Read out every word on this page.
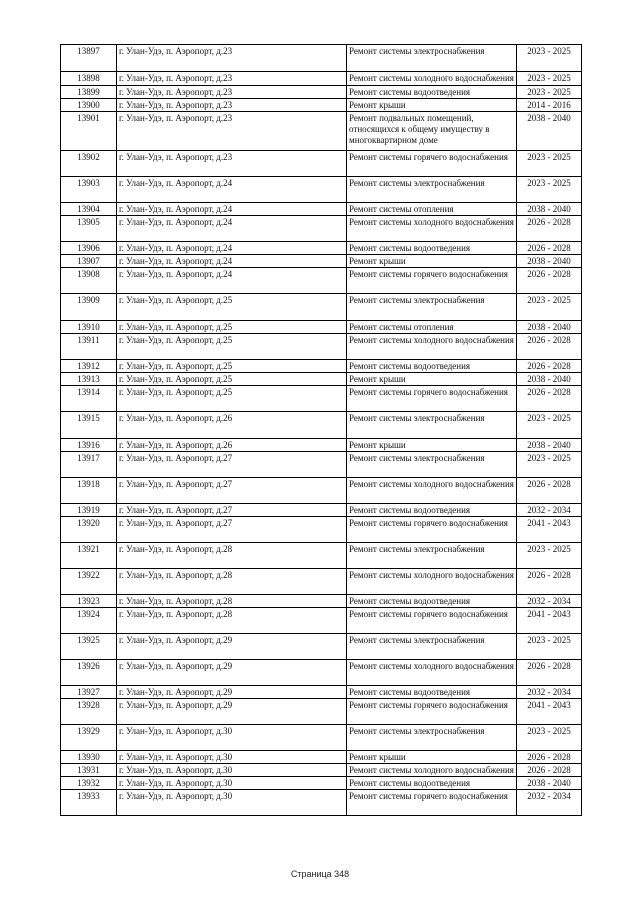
13897	г. Улан-Удэ, п. Аэропорт, д.23	Ремонт системы электроснабжения	2023 - 2025
13898	г. Улан-Удэ, п. Аэропорт, д.23	Ремонт системы холодного водоснабжения	2023 - 2025
13899	г. Улан-Удэ, п. Аэропорт, д.23	Ремонт системы водоотведения	2023 - 2025
13900	г. Улан-Удэ, п. Аэропорт, д.23	Ремонт крыши	2014 - 2016
13901	г. Улан-Удэ, п. Аэропорт, д.23	Ремонт подвальных помещений, относящихся к общему имуществу в многоквартирном доме	2038 - 2040
13902	г. Улан-Удэ, п. Аэропорт, д.23	Ремонт системы горячего водоснабжения	2023 - 2025
13903	г. Улан-Удэ, п. Аэропорт, д.24	Ремонт системы электроснабжения	2023 - 2025
13904	г. Улан-Удэ, п. Аэропорт, д.24	Ремонт системы отопления	2038 - 2040
13905	г. Улан-Удэ, п. Аэропорт, д.24	Ремонт системы холодного водоснабжения	2026 - 2028
13906	г. Улан-Удэ, п. Аэропорт, д.24	Ремонт системы водоотведения	2026 - 2028
13907	г. Улан-Удэ, п. Аэропорт, д.24	Ремонт крыши	2038 - 2040
13908	г. Улан-Удэ, п. Аэропорт, д.24	Ремонт системы горячего водоснабжения	2026 - 2028
13909	г. Улан-Удэ, п. Аэропорт, д.25	Ремонт системы электроснабжения	2023 - 2025
13910	г. Улан-Удэ, п. Аэропорт, д.25	Ремонт системы отопления	2038 - 2040
13911	г. Улан-Удэ, п. Аэропорт, д.25	Ремонт системы холодного водоснабжения	2026 - 2028
13912	г. Улан-Удэ, п. Аэропорт, д.25	Ремонт системы водоотведения	2026 - 2028
13913	г. Улан-Удэ, п. Аэропорт, д.25	Ремонт крыши	2038 - 2040
13914	г. Улан-Удэ, п. Аэропорт, д.25	Ремонт системы горячего водоснабжения	2026 - 2028
13915	г. Улан-Удэ, п. Аэропорт, д.26	Ремонт системы электроснабжения	2023 - 2025
13916	г. Улан-Удэ, п. Аэропорт, д.26	Ремонт крыши	2038 - 2040
13917	г. Улан-Удэ, п. Аэропорт, д.27	Ремонт системы электроснабжения	2023 - 2025
13918	г. Улан-Удэ, п. Аэропорт, д.27	Ремонт системы холодного водоснабжения	2026 - 2028
13919	г. Улан-Удэ, п. Аэропорт, д.27	Ремонт системы водоотведения	2032 - 2034
13920	г. Улан-Удэ, п. Аэропорт, д.27	Ремонт системы горячего водоснабжения	2041 - 2043
13921	г. Улан-Удэ, п. Аэропорт, д.28	Ремонт системы электроснабжения	2023 - 2025
13922	г. Улан-Удэ, п. Аэропорт, д.28	Ремонт системы холодного водоснабжения	2026 - 2028
13923	г. Улан-Удэ, п. Аэропорт, д.28	Ремонт системы водоотведения	2032 - 2034
13924	г. Улан-Удэ, п. Аэропорт, д.28	Ремонт системы горячего водоснабжения	2041 - 2043
13925	г. Улан-Удэ, п. Аэропорт, д.29	Ремонт системы электроснабжения	2023 - 2025
13926	г. Улан-Удэ, п. Аэропорт, д.29	Ремонт системы холодного водоснабжения	2026 - 2028
13927	г. Улан-Удэ, п. Аэропорт, д.29	Ремонт системы водоотведения	2032 - 2034
13928	г. Улан-Удэ, п. Аэропорт, д.29	Ремонт системы горячего водоснабжения	2041 - 2043
13929	г. Улан-Удэ, п. Аэропорт, д.30	Ремонт системы электроснабжения	2023 - 2025
13930	г. Улан-Удэ, п. Аэропорт, д.30	Ремонт крыши	2026 - 2028
13931	г. Улан-Удэ, п. Аэропорт, д.30	Ремонт системы холодного водоснабжения	2026 - 2028
13932	г. Улан-Удэ, п. Аэропорт, д.30	Ремонт системы водоотведения	2038 - 2040
13933	г. Улан-Удэ, п. Аэропорт, д.30	Ремонт системы горячего водоснабжения	2032 - 2034
Страница 348
